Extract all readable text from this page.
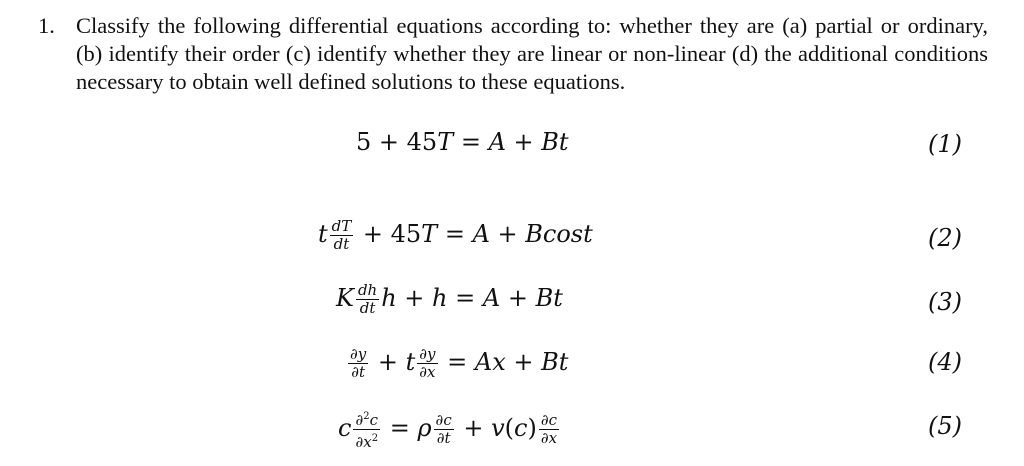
1. Classify the following differential equations according to: whether they are (a) partial or ordinary, (b) identify their order (c) identify whether they are linear or non-linear (d) the additional conditions necessary to obtain well defined solutions to these equations.
5 + 45T = A + Bt	(1)
t $\frac{dT}{dt} + 45T = A + Bcost$	(2)
K $\frac{dh}{dt}$ h + h = A + Bt	(3)
$\frac{\partial y}{\partial t} + t \frac{\partial y}{\partial x} = Ax + Bt$	(4)
c $\frac{\partial^2c}{\partial x^2} = \rho \frac{\partial c}{\partial t} + v(c) \frac{\partial c}{\partial x}$	(5)
